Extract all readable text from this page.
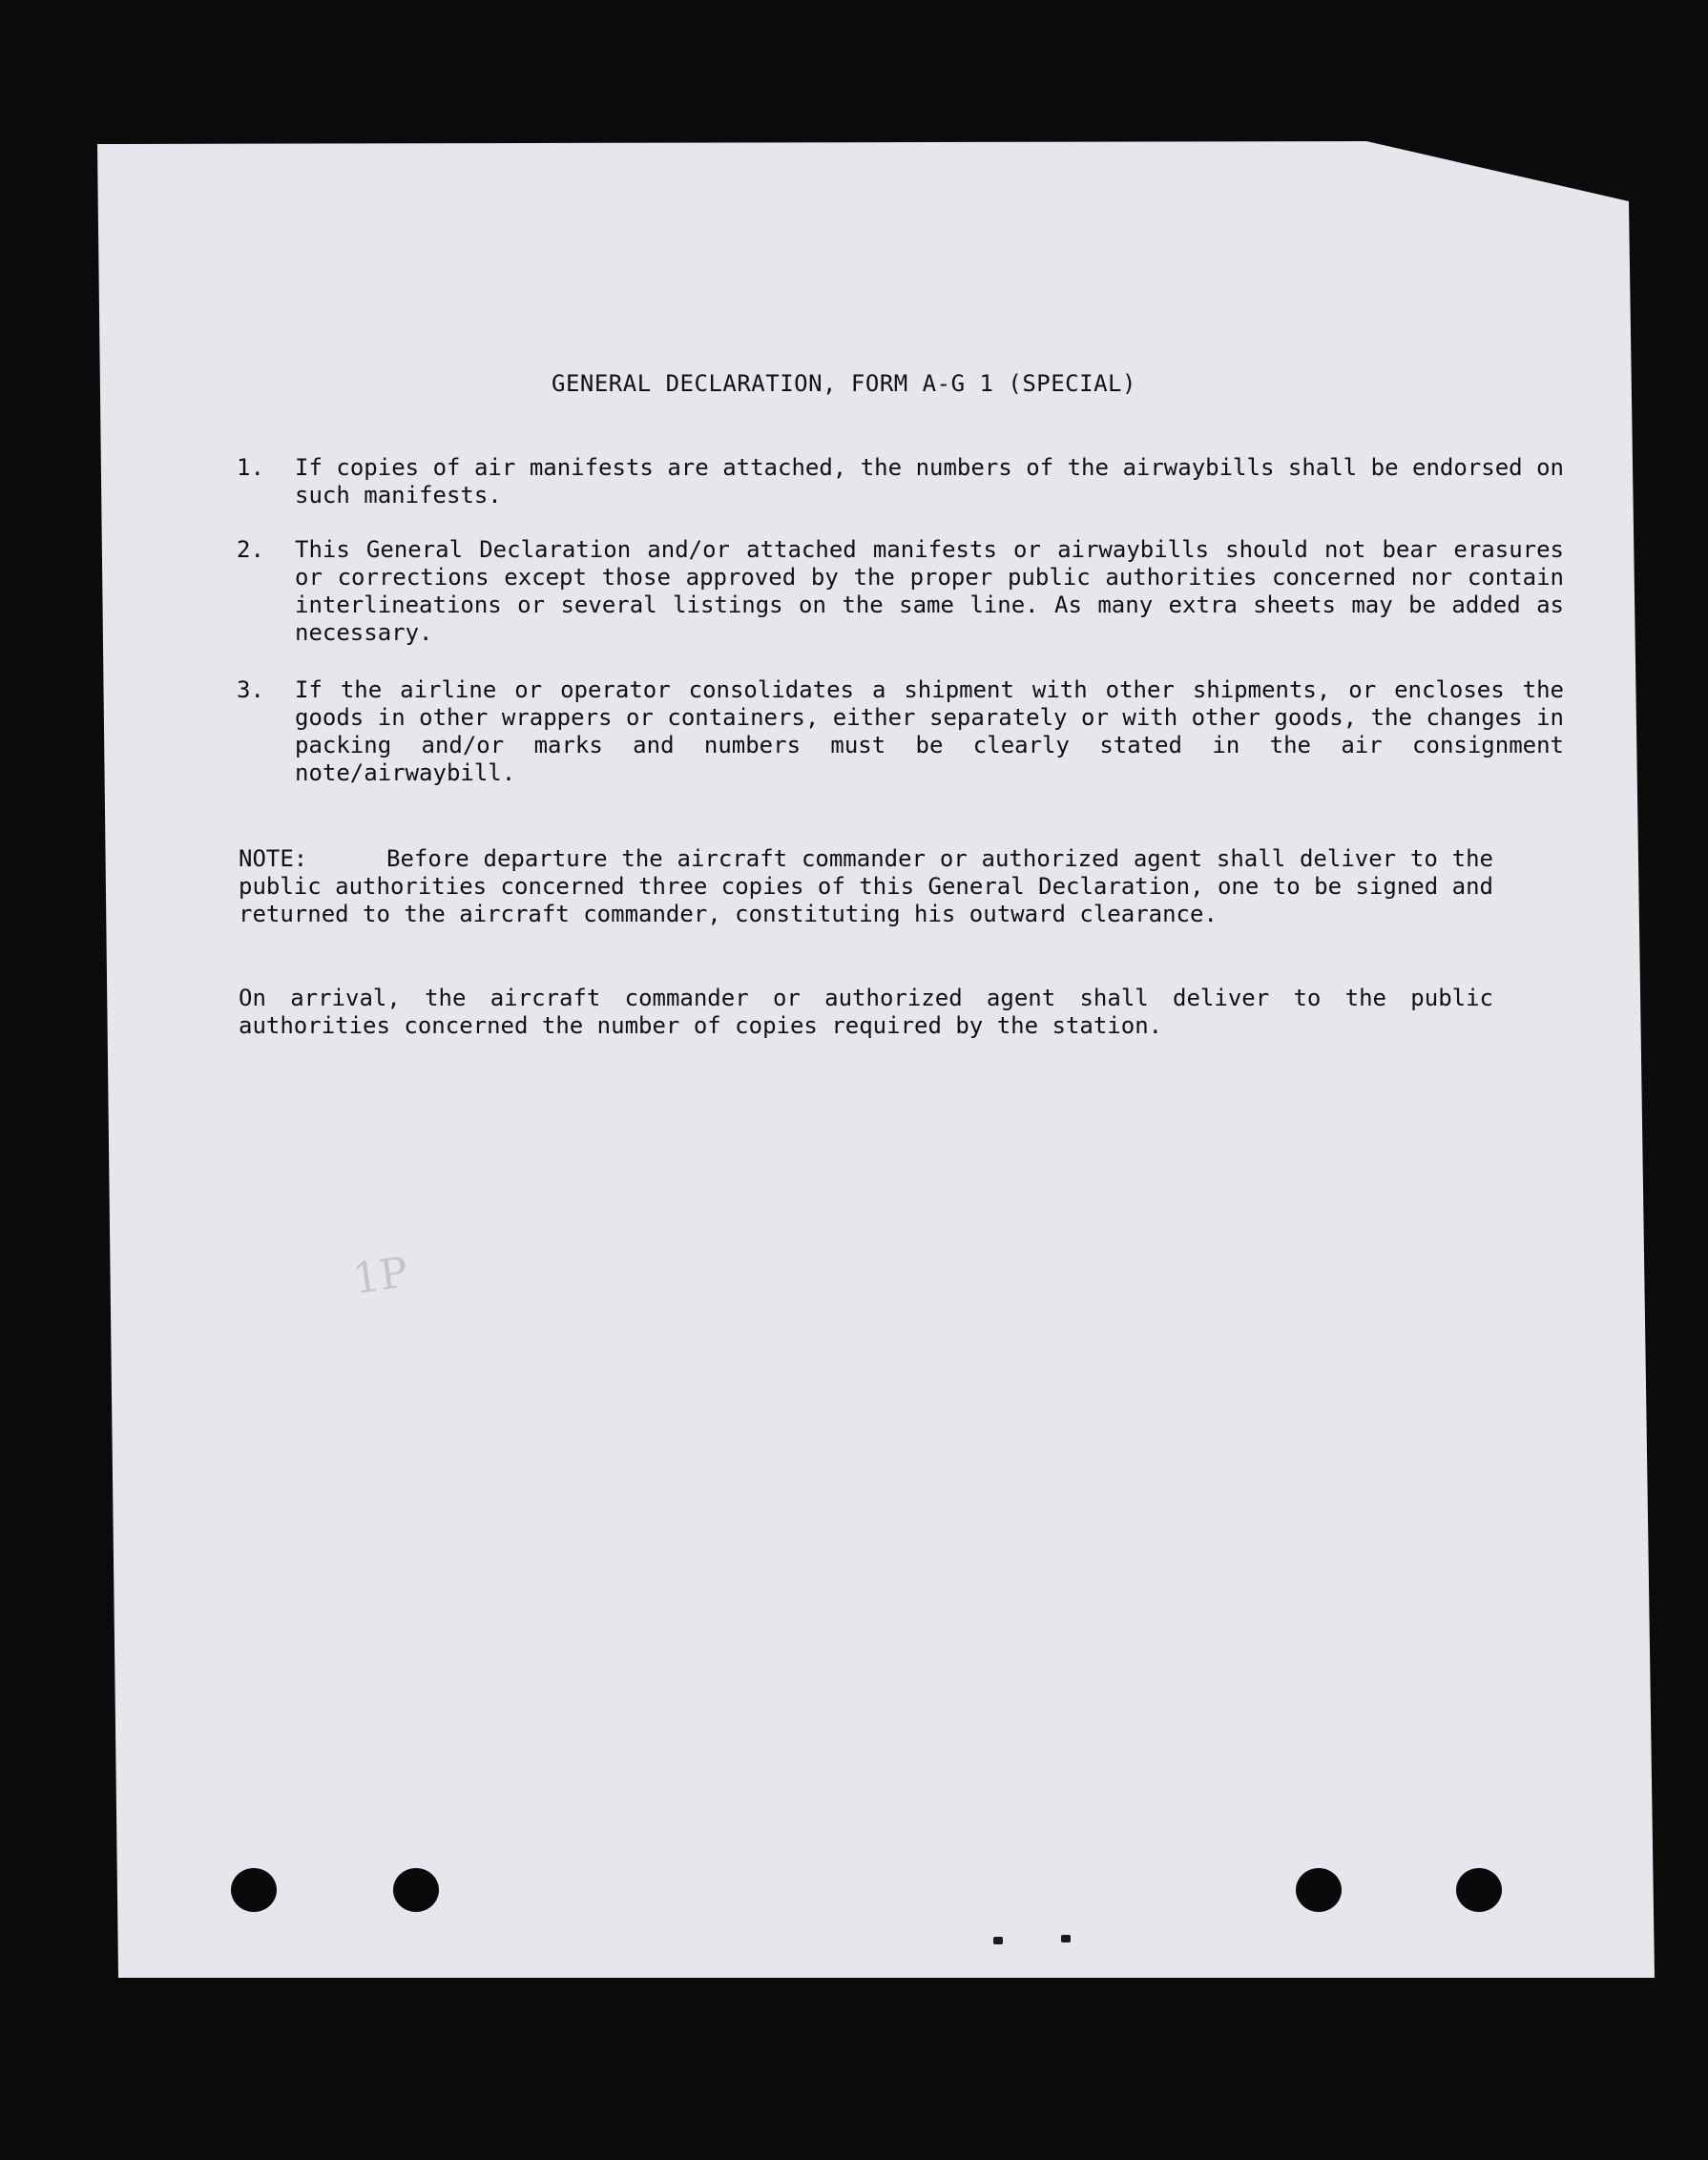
GENERAL DECLARATION, FORM A-G 1 (SPECIAL)
1.	If copies of air manifests are attached, the numbers of the airwaybills shall be endorsed on such manifests.
2.	This General Declaration and/or attached manifests or airwaybills should not bear erasures or corrections except those approved by the proper public authorities concerned nor contain interlineations or several listings on the same line. As many extra sheets may be added as necessary.
3.	If the airline or operator consolidates a shipment with other shipments, or encloses the goods in other wrappers or containers, either separately or with other goods, the changes in packing and/or marks and numbers must be clearly stated in the air consignment note/airwaybill.
NOTE:	Before departure the aircraft commander or authorized agent shall deliver to the public authorities concerned three copies of this General Declaration, one to be signed and returned to the aircraft commander, constituting his outward clearance.
On arrival, the aircraft commander or authorized agent shall deliver to the public authorities concerned the number of copies required by the station.
1P
